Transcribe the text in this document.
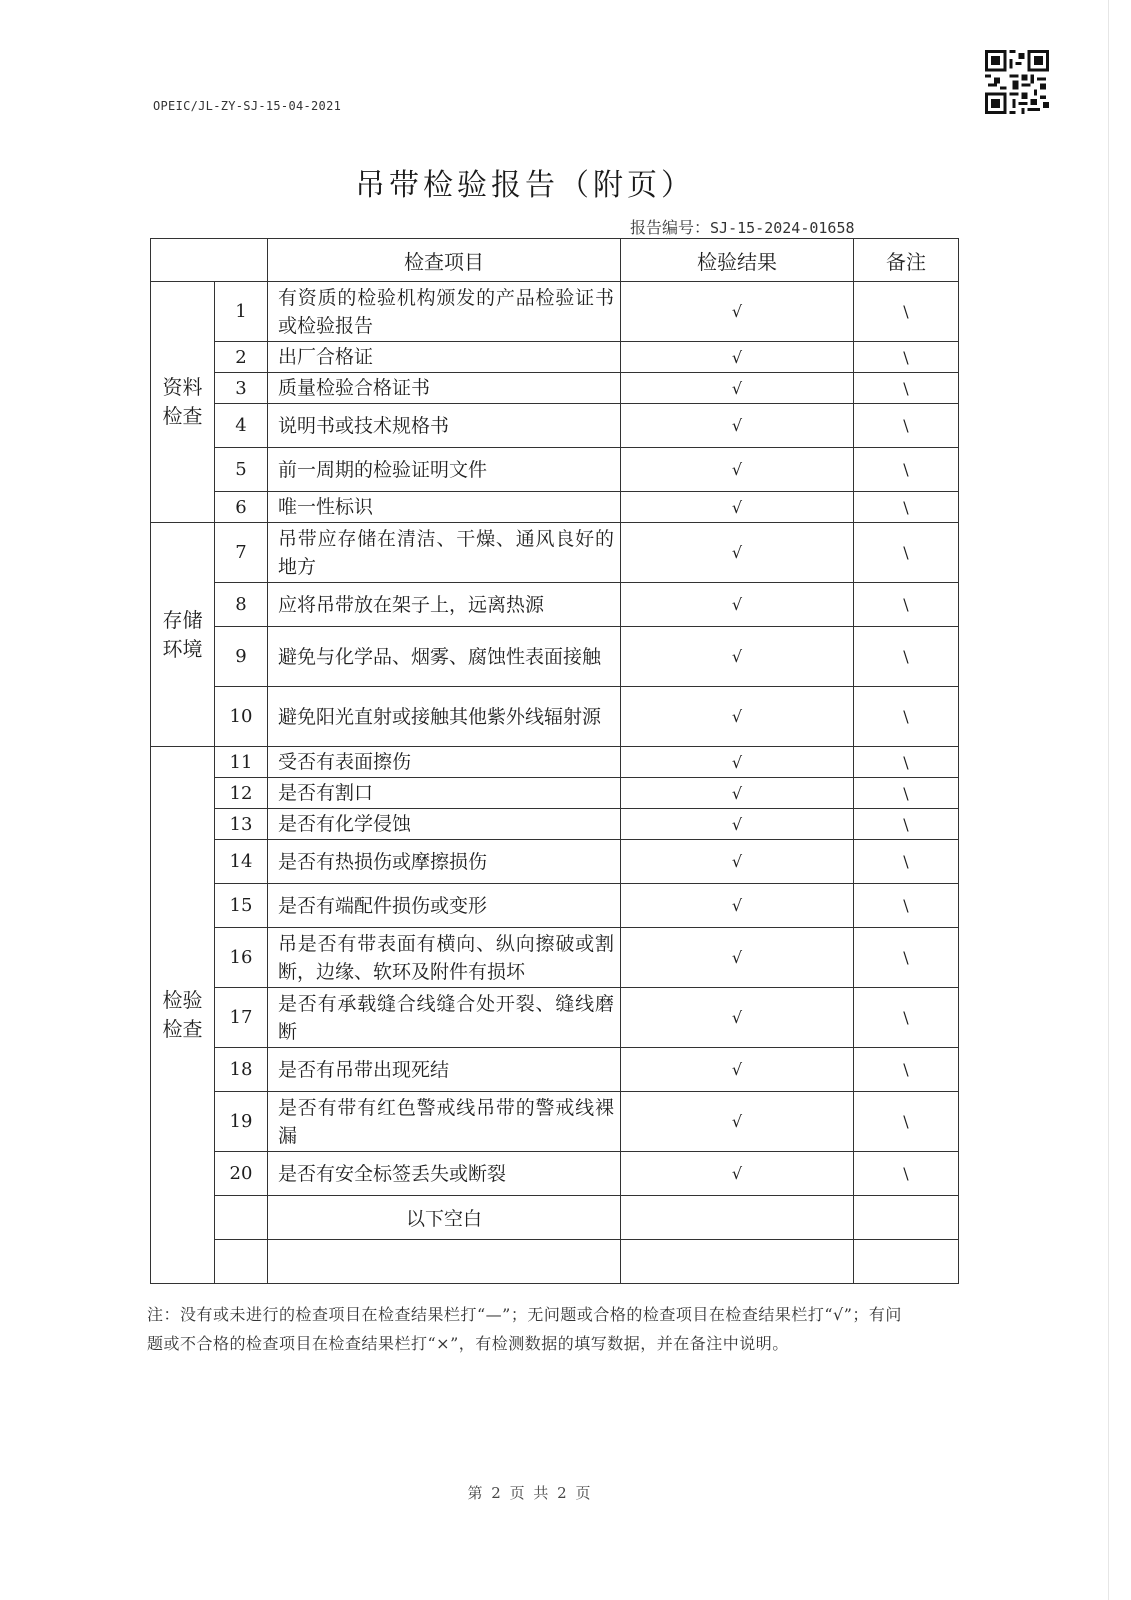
OPEIC/JL-ZY-SJ-15-04-2021
吊带检验报告（附页）
报告编号：SJ-15-2024-01658
		检查项目	检验结果	备注
资料
检查	1	有资质的检验机构颁发的产品检验证书或检验报告	√	\
	2	出厂合格证	√	\
	3	质量检验合格证书	√	\
	4	说明书或技术规格书	√	\
	5	前一周期的检验证明文件	√	\
	6	唯一性标识	√	\
存储
环境	7	吊带应存储在清洁、干燥、通风良好的地方	√	\
	8	应将吊带放在架子上，远离热源	√	\
	9	避免与化学品、烟雾、腐蚀性表面接触	√	\
	10	避免阳光直射或接触其他紫外线辐射源	√	\
检验
检查	11	受否有表面擦伤	√	\
	12	是否有割口	√	\
	13	是否有化学侵蚀	√	\
	14	是否有热损伤或摩擦损伤	√	\
	15	是否有端配件损伤或变形	√	\
	16	吊是否有带表面有横向、纵向擦破或割断，边缘、软环及附件有损坏	√	\
	17	是否有承载缝合线缝合处开裂、缝线磨断	√	\
	18	是否有吊带出现死结	√	\
	19	是否有带有红色警戒线吊带的警戒线裸漏	√	\
	20	是否有安全标签丢失或断裂	√	\
		以下空白		

注：没有或未进行的检查项目在检查结果栏打“—”；无问题或合格的检查项目在检查结果栏打“√”；有问题或不合格的检查项目在检查结果栏打“×”，有检测数据的填写数据，并在备注中说明。
第 2 页 共 2 页
